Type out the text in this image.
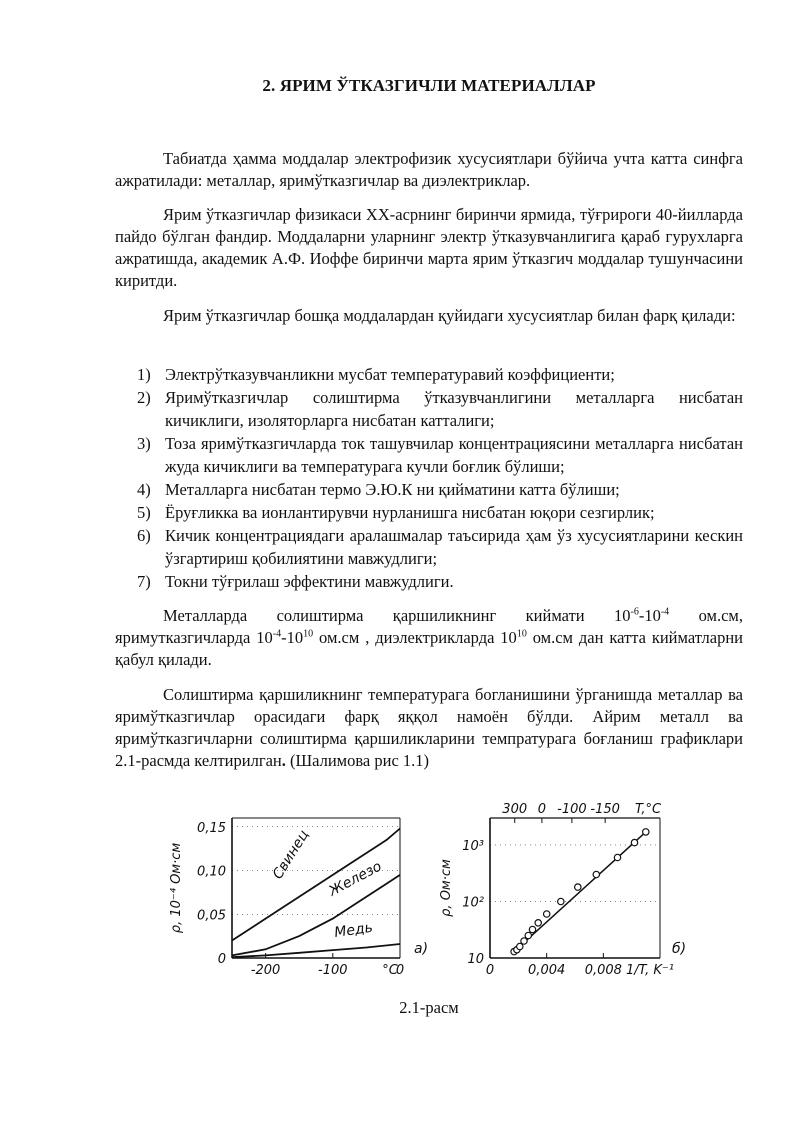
2. ЯРИМ ЎТКАЗГИЧЛИ МАТЕРИАЛЛАР

Табиатда ҳамма моддалар электрофизик хусусиятлари бўйича учта катта синфга ажратилади: металлар, яримўтказгичлар ва диэлектриклар.

Ярим ўтказгичлар физикаси XX-асрнинг биринчи ярмида, тўғрироги 40-йилларда пайдо бўлган фандир. Моддаларни уларнинг электр ўтказувчанлигига қараб гурухларга ажратишда, академик А.Ф. Иоффе биринчи марта ярим ўтказгич моддалар тушунчасини киритди.

Ярим ўтказгичлар бошқа моддалардан қуйидаги хусусиятлар билан фарқ қилади:

1) Электрўтказувчанликни мусбат температуравий коэффициенти;
2) Яримўтказгичлар солиштирма ўтказувчанлигини металларга нисбатан кичиклиги, изоляторларга нисбатан катталиги;
3) Тоза яримўтказгичларда ток ташувчилар концентрациясини металларга нисбатан жуда кичиклиги ва температурага кучли боғлик бўлиши;
4) Металларга нисбатан термо Э.Ю.К ни қийматини катта бўлиши;
5) Ёруғликка ва ионлантирувчи нурланишга нисбатан юқори сезгирлик;
6) Кичик концентрациядаги аралашмалар таъсирида ҳам ўз хусусиятларини кескин ўзгартириш қобилиятини мавжудлиги;
7) Токни тўғрилаш эффектини мавжудлиги.

Металларда солиштирма қаршиликнинг киймати $10^{-6}-10^{-4}$ ом.см, яримутказгичларда $10^{-4}-10^{10}$ ом.см , диэлектрикларда $10^{10}$ ом.см дан катта кийматларни қабул қилади.

Солиштирма қаршиликнинг температурага богланишини ўрганишда металлар ва яримўтказгичлар орасидаги фарқ яққол намоён бўлди. Айрим металл ва яримўтказгичларни солиштирма қаршиликларини темпратурага боғланиш графиклари 2.1-расмда келтирилган. (Шалимова рис 1.1)

0
0,05
0,10
0,15
-200	-100	0
°C
ρ, 10⁻⁴ Ом·см
а)
Свинец Железо
Медь
10
10²
10³
0	0,004 0,008 1/T, K⁻¹
ρ, Ом·см
б)
300 0 -100 -150 T,°C
2.1-расм
